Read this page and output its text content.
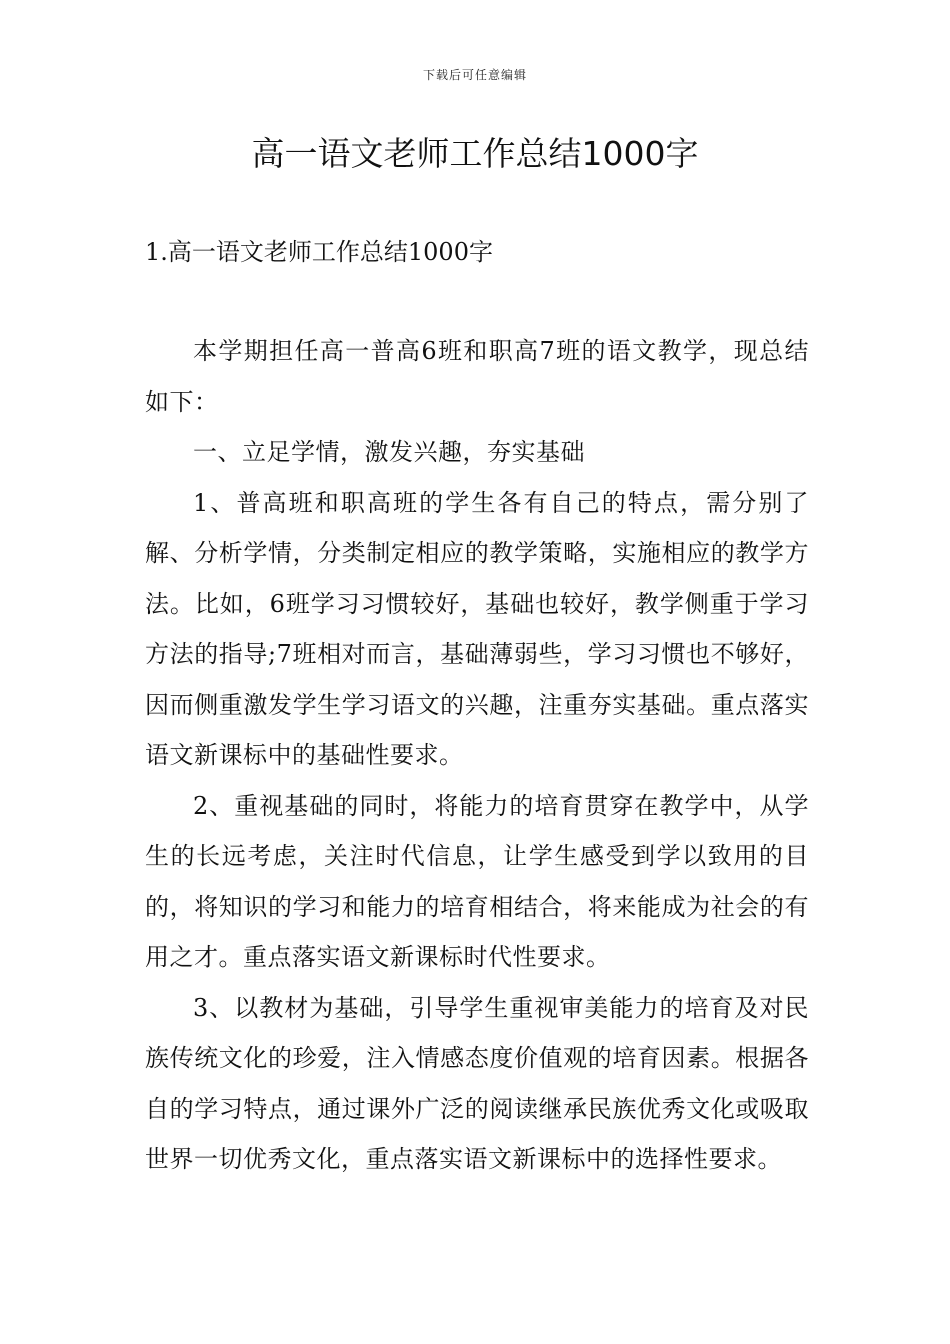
下载后可任意编辑
高一语文老师工作总结1000字
1.高一语文老师工作总结1000字

本学期担任高一普高6班和职高7班的语文教学，现总结如下：

一、立足学情，激发兴趣，夯实基础

1、普高班和职高班的学生各有自己的特点，需分别了解、分析学情，分类制定相应的教学策略，实施相应的教学方法。比如，6班学习习惯较好，基础也较好，教学侧重于学习方法的指导;7班相对而言，基础薄弱些，学习习惯也不够好，因而侧重激发学生学习语文的兴趣，注重夯实基础。重点落实语文新课标中的基础性要求。

2、重视基础的同时，将能力的培育贯穿在教学中，从学生的长远考虑，关注时代信息，让学生感受到学以致用的目的，将知识的学习和能力的培育相结合，将来能成为社会的有用之才。重点落实语文新课标时代性要求。

3、以教材为基础，引导学生重视审美能力的培育及对民族传统文化的珍爱，注入情感态度价值观的培育因素。根据各自的学习特点，通过课外广泛的阅读继承民族优秀文化或吸取世界一切优秀文化，重点落实语文新课标中的选择性要求。
